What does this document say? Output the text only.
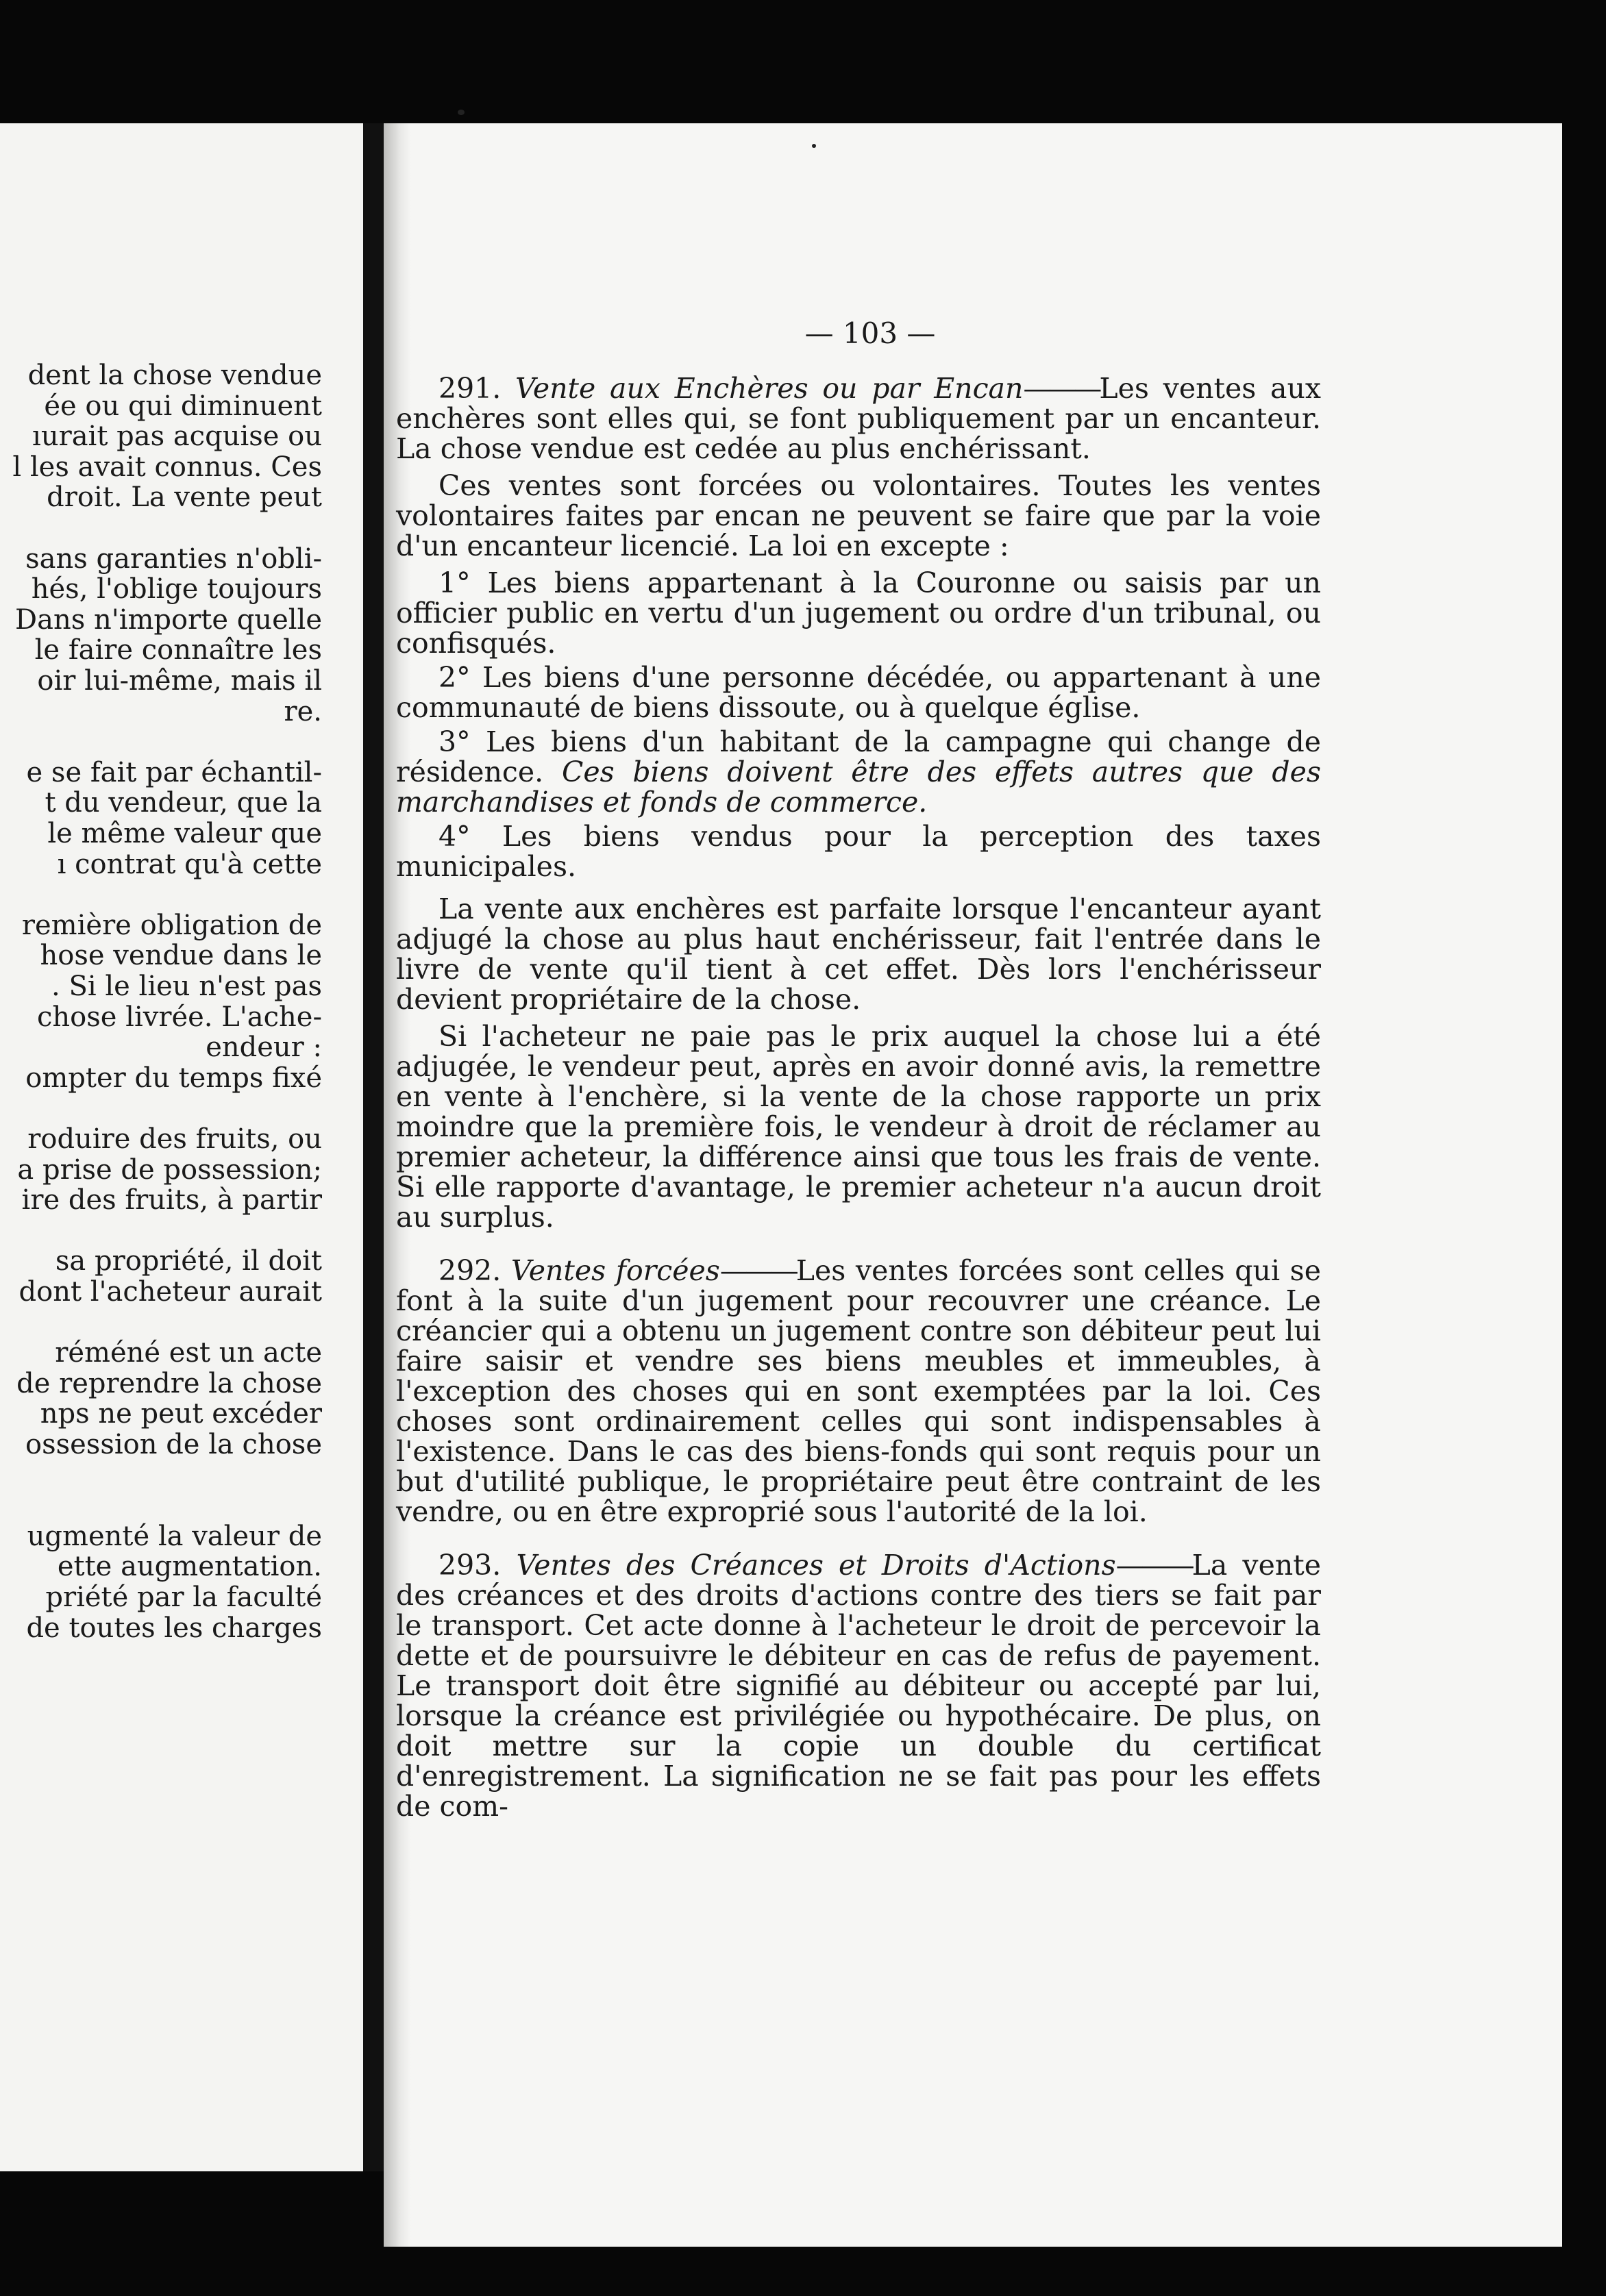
dent la chose vendue
ée ou qui diminuent
ıurait pas acquise ou
l les avait connus. Ces
droit. La vente peut
sans garanties n'obli-
hés, l'oblige toujours
Dans n'importe quelle
le faire connaître les
oir lui-même, mais il
re.
e se fait par échantil-
t du vendeur, que la
le même valeur que
ı contrat qu'à cette
remière obligation de
hose vendue dans le
. Si le lieu n'est pas
chose livrée. L'ache-
endeur :
ompter du temps fixé
roduire des fruits, ou
a prise de possession;
ire des fruits, à partir
sa propriété, il doit
dont l'acheteur aurait
réméné est un acte
de reprendre la chose
nps ne peut excéder
ossession de la chose
ugmenté la valeur de
ette augmentation.
priété par la faculté
de toutes les charges
— 103 —

291. Vente aux Enchères ou par Encan———Les ventes aux enchères sont elles qui, se font publiquement par un encanteur. La chose vendue est cedée au plus enchérissant.

Ces ventes sont forcées ou volontaires. Toutes les ventes volontaires faites par encan ne peuvent se faire que par la voie d'un encanteur licencié. La loi en excepte :

1° Les biens appartenant à la Couronne ou saisis par un officier public en vertu d'un jugement ou ordre d'un tribunal, ou confisqués.

2° Les biens d'une personne décédée, ou appartenant à une communauté de biens dissoute, ou à quelque église.

3° Les biens d'un habitant de la campagne qui change de résidence. Ces biens doivent être des effets autres que des marchandises et fonds de commerce.

4° Les biens vendus pour la perception des taxes municipales.

La vente aux enchères est parfaite lorsque l'encanteur ayant adjugé la chose au plus haut enchérisseur, fait l'entrée dans le livre de vente qu'il tient à cet effet. Dès lors l'enchérisseur devient propriétaire de la chose.

Si l'acheteur ne paie pas le prix auquel la chose lui a été adjugée, le vendeur peut, après en avoir donné avis, la remettre en vente à l'enchère, si la vente de la chose rapporte un prix moindre que la première fois, le vendeur à droit de réclamer au premier acheteur, la différence ainsi que tous les frais de vente. Si elle rapporte d'avantage, le premier acheteur n'a aucun droit au surplus.

292. Ventes forcées———Les ventes forcées sont celles qui se font à la suite d'un jugement pour recouvrer une créance. Le créancier qui a obtenu un jugement contre son débiteur peut lui faire saisir et vendre ses biens meubles et immeubles, à l'exception des choses qui en sont exemptées par la loi. Ces choses sont ordinairement celles qui sont indispensables à l'existence. Dans le cas des biens-fonds qui sont requis pour un but d'utilité publique, le propriétaire peut être contraint de les vendre, ou en être exproprié sous l'autorité de la loi.

293. Ventes des Créances et Droits d'Actions———La vente des créances et des droits d'actions contre des tiers se fait par le transport. Cet acte donne à l'acheteur le droit de percevoir la dette et de poursuivre le débiteur en cas de refus de payement. Le transport doit être signifié au débiteur ou accepté par lui, lorsque la créance est privilégiée ou hypothécaire. De plus, on doit mettre sur la copie un double du certificat d'enregistrement. La signification ne se fait pas pour les effets de com-
